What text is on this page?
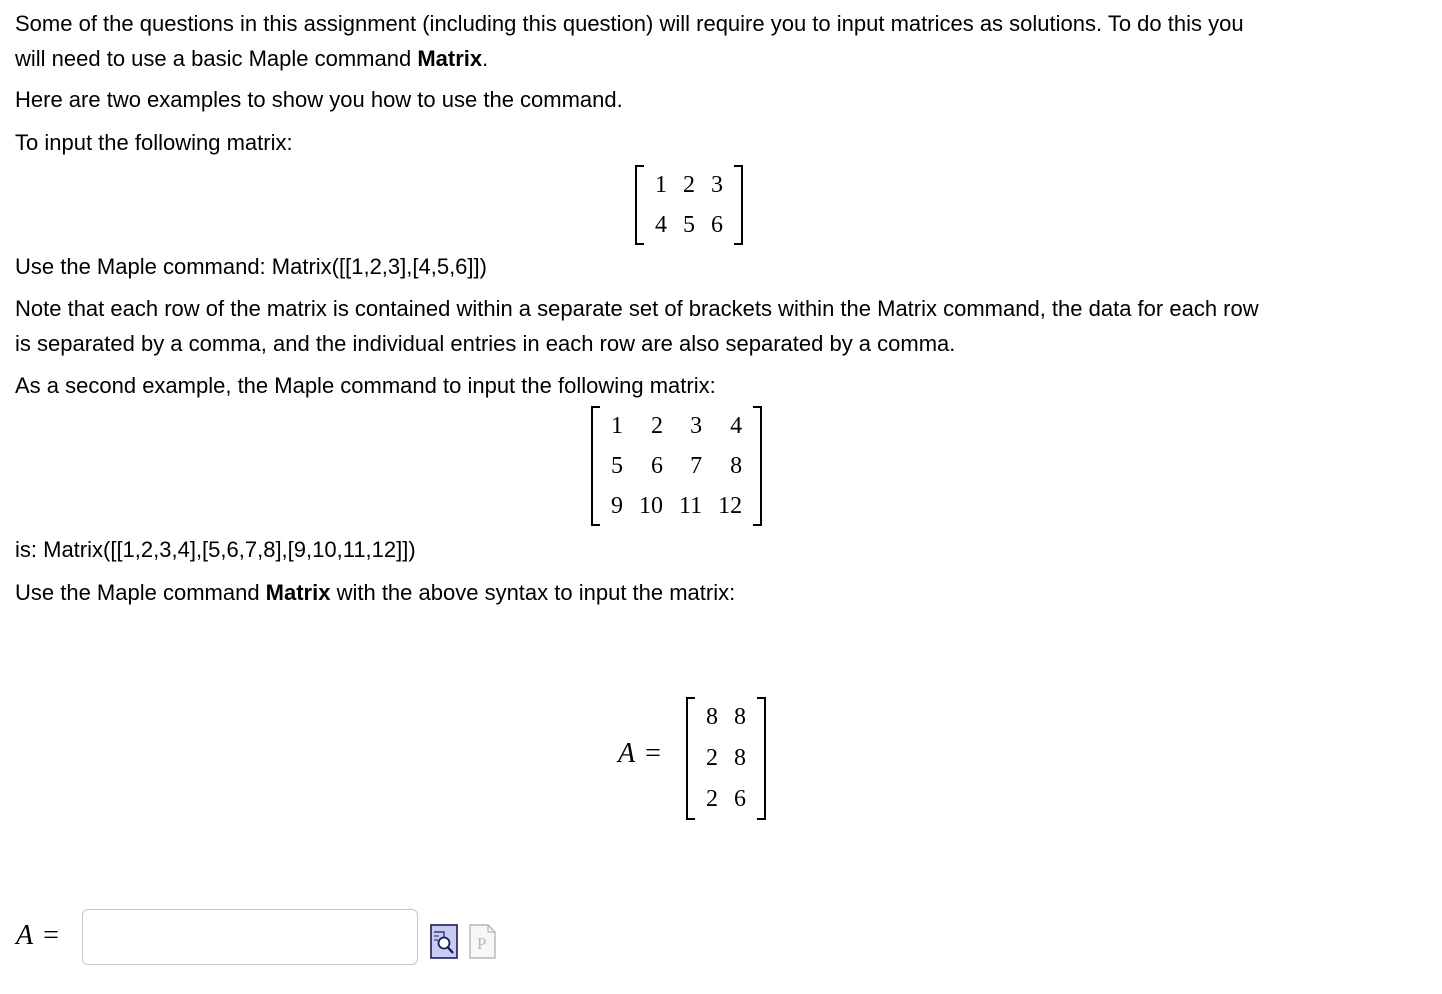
Some of the questions in this assignment (including this question) will require you to input matrices as solutions. To do this you
will need to use a basic Maple command Matrix.

Here are two examples to show you how to use the command.

To input the following matrix:

1 2 3
4 5 6

Use the Maple command: Matrix([[1,2,3],[4,5,6]])

Note that each row of the matrix is contained within a separate set of brackets within the Matrix command, the data for each row
is separated by a comma, and the individual entries in each row are also separated by a comma.

As a second example, the Maple command to input the following matrix:

1	2	3	4
5	6	7	8
9 10 11 12

is: Matrix([[1,2,3,4],[5,6,7,8],[9,10,11,12]])

Use the Maple command Matrix with the above syntax to input the matrix:

A =
8 8
2 8
2 6
A =	P
